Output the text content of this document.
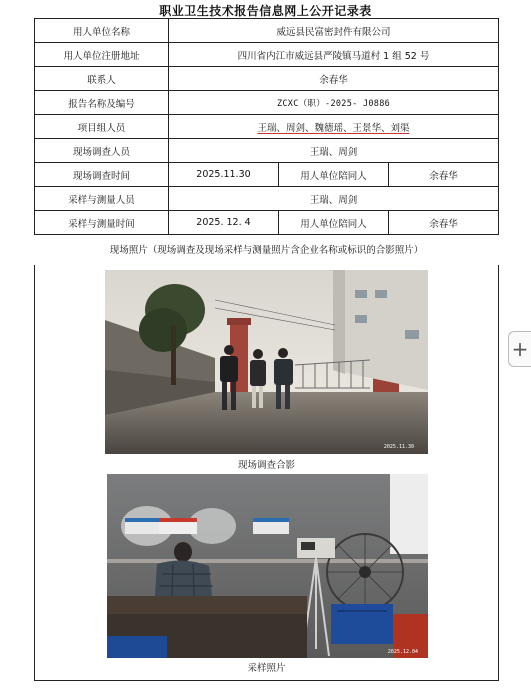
职业卫生技术报告信息网上公开记录表
用人单位名称	威远县民富密封件有限公司		
用人单位注册地址	四川省内江市威远县严陵镇马道村 1 组 52 号		
联系人	余春华		
报告名称及编号	ZCXC（职）-2025- J0886		
项目组人员	王瑞、周剑、魏德瑶、王景华、刘渠		
现场调查人员	王瑞、周剑		
现场调查时间	2025.11.30	用人单位陪同人	余春华
采样与测量人员	王瑞、周剑		
采样与测量时间	2025. 12. 4	用人单位陪同人	余春华
现场照片（现场调查及现场采样与测量照片含企业名称或标识的合影照片）
2025.11.30
现场调查合影
2025.12.04
采样照片
+
